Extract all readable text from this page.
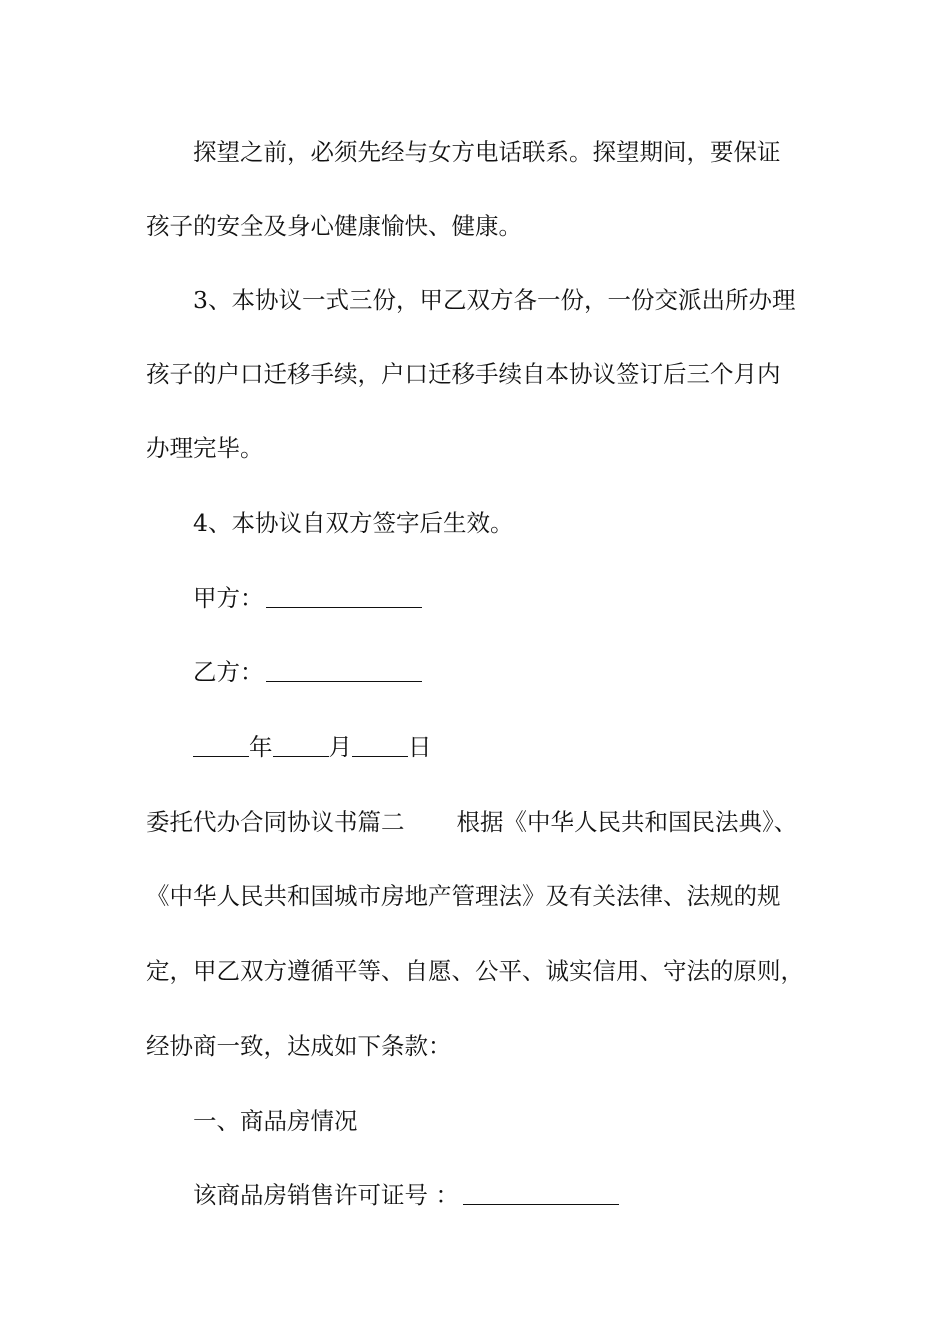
探望之前，必须先经与女方电话联系。探望期间，要保证
孩子的安全及身心健康愉快、健康。
3、本协议一式三份，甲乙双方各一份，一份交派出所办理
孩子的户口迁移手续，户口迁移手续自本协议签订后三个月内
办理完毕。
4、本协议自双方签字后生效。
甲方：
乙方：
年 月 日
委托代办合同协议书篇二 根据《中华人民共和国民法典》、
《中华人民共和国城市房地产管理法》及有关法律、法规的规
定，甲乙双方遵循平等、自愿、公平、诚实信用、守法的原则，
经协商一致，达成如下条款：
一、商品房情况
该商品房销售许可证号 ：
